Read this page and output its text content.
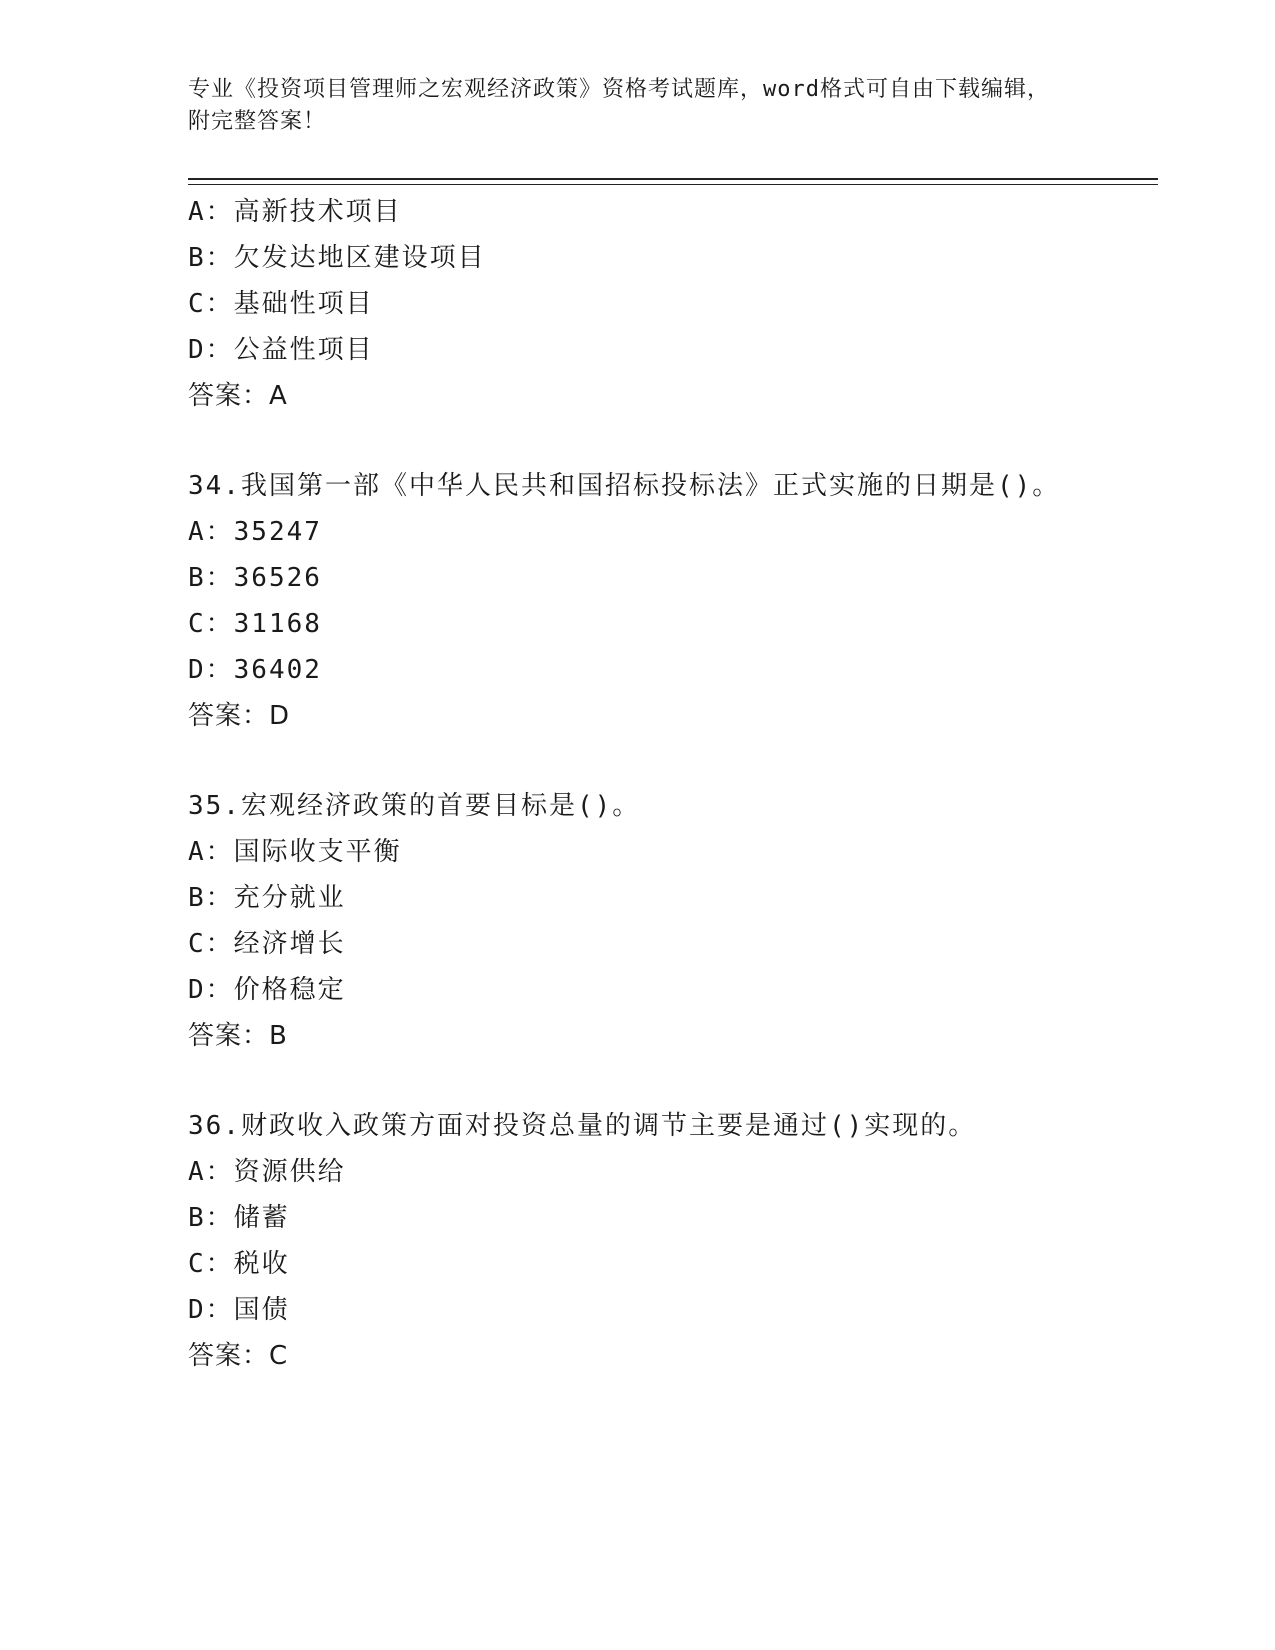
专业《投资项目管理师之宏观经济政策》资格考试题库，word格式可自由下载编辑，附完整答案！

A：高新技术项目

B：欠发达地区建设项目

C：基础性项目

D：公益性项目

答案：A

34.我国第一部《中华人民共和国招标投标法》正式实施的日期是()。

A：35247

B：36526

C：31168

D：36402

答案：D

35.宏观经济政策的首要目标是()。

A：国际收支平衡

B：充分就业

C：经济增长

D：价格稳定

答案：B

36.财政收入政策方面对投资总量的调节主要是通过()实现的。

A：资源供给

B：储蓄

C：税收

D：国债

答案：C
